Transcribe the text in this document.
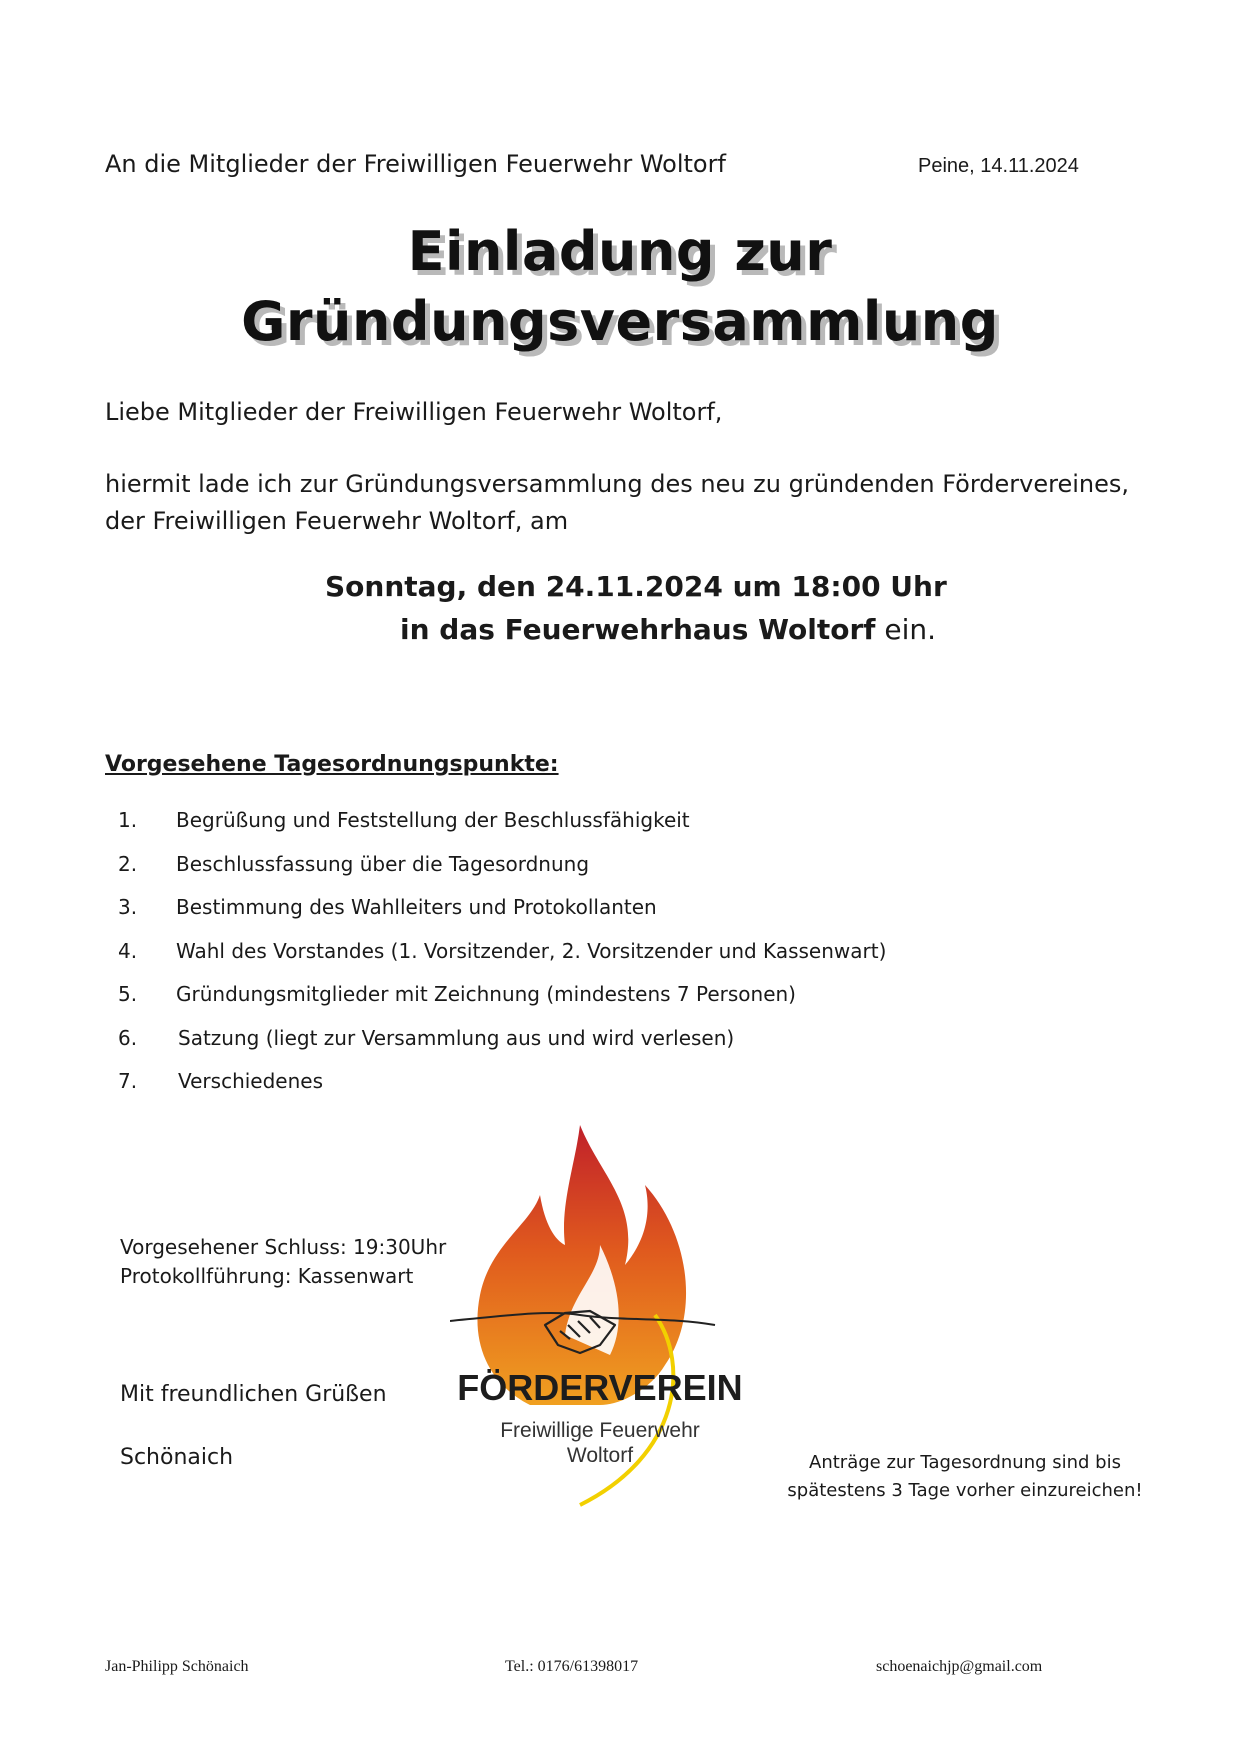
An die Mitglieder der Freiwilligen Feuerwehr Woltorf	Peine, 14.11.2024
Einladung zur
Gründungsversammlung
Liebe Mitglieder der Freiwilligen Feuerwehr Woltorf,
hiermit lade ich zur Gründungsversammlung des neu zu gründenden Fördervereines, der Freiwilligen Feuerwehr Woltorf, am
Sonntag, den 24.11.2024 um 18:00 Uhr
in das Feuerwehrhaus Woltorf ein.
Vorgesehene Tagesordnungspunkte:
1.	Begrüßung und Feststellung der Beschlussfähigkeit
2.	Beschlussfassung über die Tagesordnung
3.	Bestimmung des Wahlleiters und Protokollanten
4.	Wahl des Vorstandes (1. Vorsitzender, 2. Vorsitzender und Kassenwart)
5.	Gründungsmitglieder mit Zeichnung (mindestens 7 Personen)
6.	Satzung (liegt zur Versammlung aus und wird verlesen)
7.	Verschiedenes
Vorgesehener Schluss: 19:30Uhr
Protokollführung: Kassenwart
Mit freundlichen Grüßen
Schönaich
FÖRDERVEREIN
Freiwillige Feuerwehr
Woltorf	Anträge zur Tagesordnung sind bis
spätestens 3 Tage vorher einzureichen!
Jan-Philipp Schönaich	Tel.: 0176/61398017	schoenaichjp@gmail.com
